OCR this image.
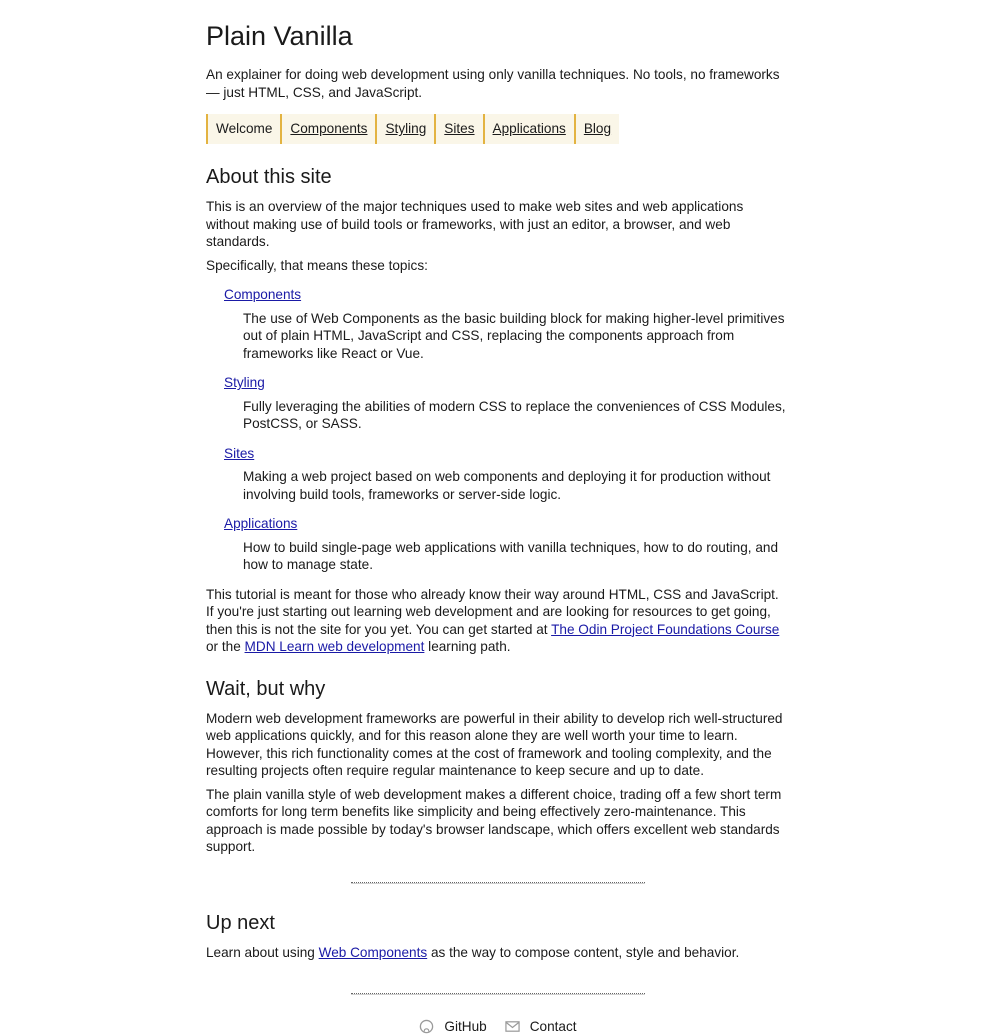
Plain Vanilla

An explainer for doing web development using only vanilla techniques. No tools, no frameworks — just HTML, CSS, and JavaScript.

Welcome	Components	Styling	Sites	Applications	Blog
About this site

This is an overview of the major techniques used to make web sites and web applications without making use of build tools or frameworks, with just an editor, a browser, and web standards.

Specifically, that means these topics:

Components
The use of Web Components as the basic building block for making higher-level primitives out of plain HTML, JavaScript and CSS, replacing the components approach from frameworks like React or Vue.
Styling
Fully leveraging the abilities of modern CSS to replace the conveniences of CSS Modules, PostCSS, or SASS.
Sites
Making a web project based on web components and deploying it for production without involving build tools, frameworks or server-side logic.
Applications
How to build single-page web applications with vanilla techniques, how to do routing, and how to manage state.

This tutorial is meant for those who already know their way around HTML, CSS and JavaScript. If you're just starting out learning web development and are looking for resources to get going, then this is not the site for you yet. You can get started at The Odin Project Foundations Course or the MDN Learn web development learning path.

Wait, but why

Modern web development frameworks are powerful in their ability to develop rich well-structured web applications quickly, and for this reason alone they are well worth your time to learn. However, this rich functionality comes at the cost of framework and tooling complexity, and the resulting projects often require regular maintenance to keep secure and up to date.

The plain vanilla style of web development makes a different choice, trading off a few short term comforts for long term benefits like simplicity and being effectively zero-maintenance. This approach is made possible by today's browser landscape, which offers excellent web standards support.

Up next

Learn about using Web Components as the way to compose content, style and behavior.

GitHub	Contact
